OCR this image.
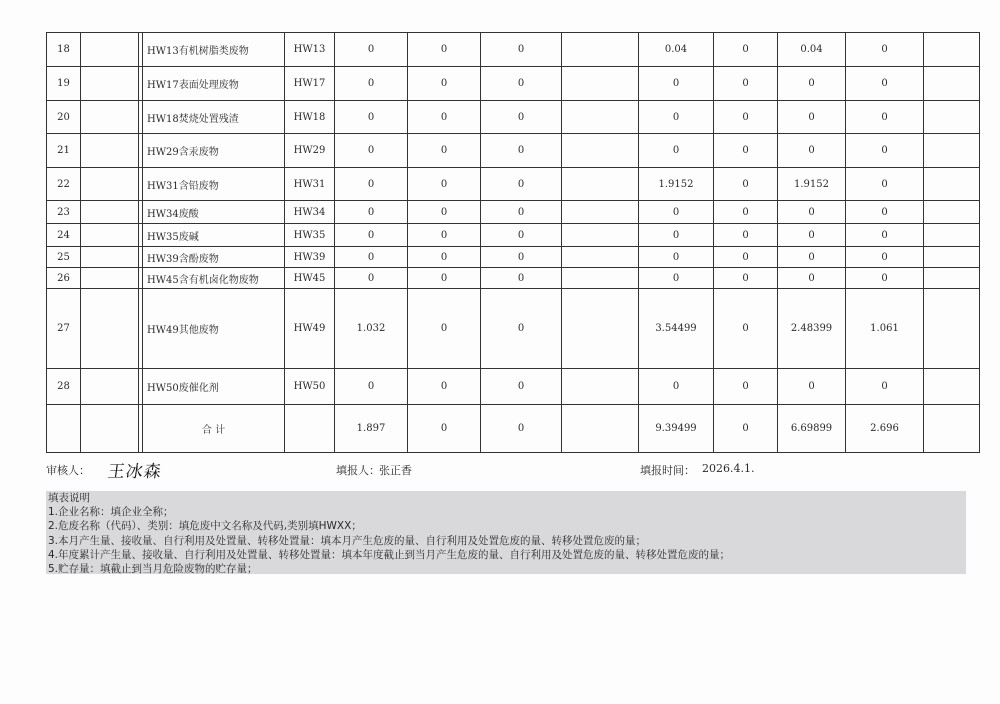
18			HW13有机树脂类废物	HW13	0	0	0		0.04	0	0.04	0	
19			HW17表面处理废物	HW17	0	0	0		0	0	0	0	
20			HW18焚烧处置残渣	HW18	0	0	0		0	0	0	0	
21			HW29含汞废物	HW29	0	0	0		0	0	0	0	
22			HW31含铅废物	HW31	0	0	0		1.9152	0	1.9152	0	
23			HW34废酸	HW34	0	0	0		0	0	0	0	
24			HW35废碱	HW35	0	0	0		0	0	0	0	
25			HW39含酚废物	HW39	0	0	0		0	0	0	0	
26			HW45含有机卤化物废物	HW45	0	0	0		0	0	0	0	
27			HW49其他废物	HW49	1.032	0	0		3.54499	0	2.48399	1.061	
28			HW50废催化剂	HW50	0	0	0		0	0	0	0	
			合 计		1.897	0	0		9.39499	0	6.69899	2.696	
审核人： 王冰森	填报人： 张正香	填报时间： 2026.4.1.
填表说明
1.企业名称：填企业全称；
2.危废名称（代码）、类别：填危废中文名称及代码,类别填HWXX；
3.本月产生量、接收量、自行利用及处置量、转移处置量：填本月产生危废的量、自行利用及处置危废的量、转移处置危废的量；
4.年度累计产生量、接收量、自行利用及处置量、转移处置量：填本年度截止到当月产生危废的量、自行利用及处置危废的量、转移处置危废的量；
5.贮存量：填截止到当月危险废物的贮存量；
